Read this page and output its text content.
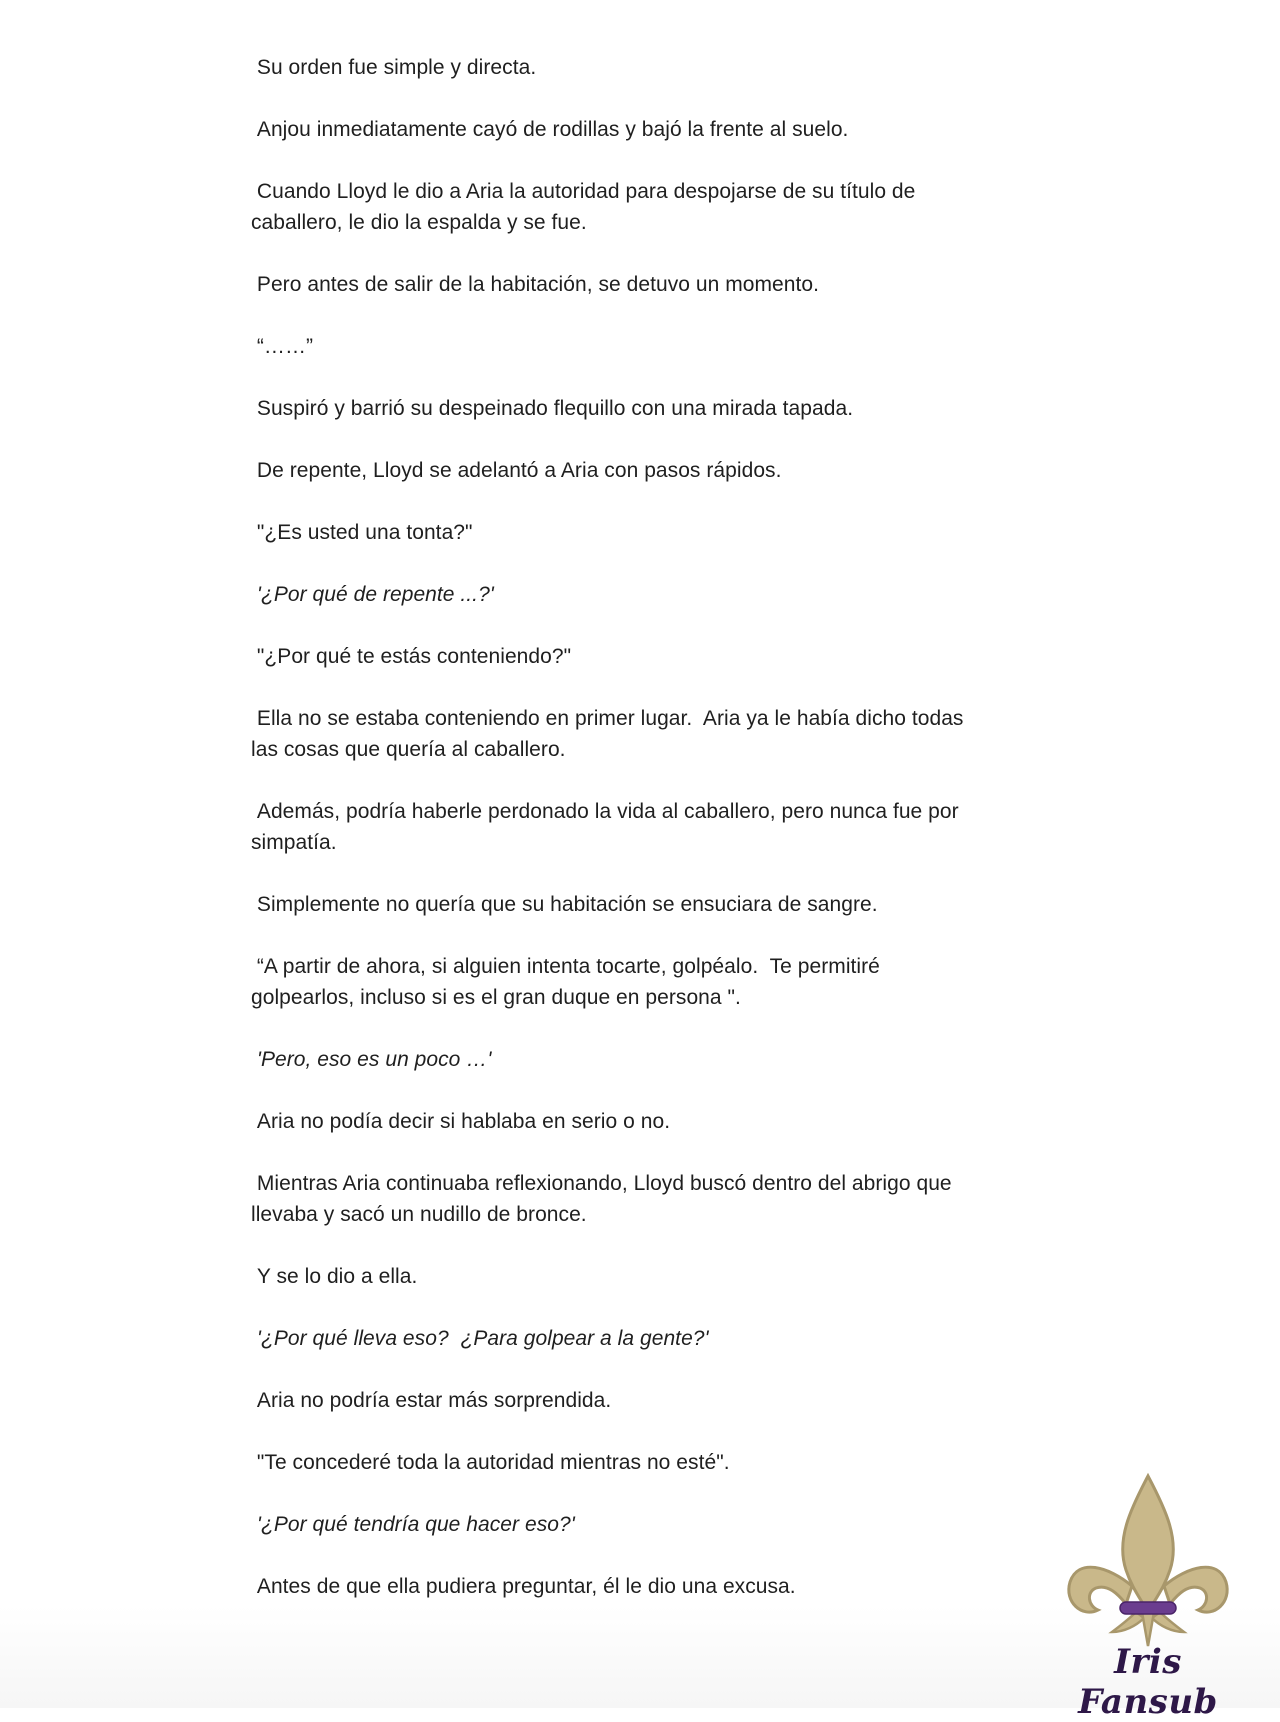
Su orden fue simple y directa.

Anjou inmediatamente cayó de rodillas y bajó la frente al suelo.

Cuando Lloyd le dio a Aria la autoridad para despojarse de su título de
caballero, le dio la espalda y se fue.

Pero antes de salir de la habitación, se detuvo un momento.

“……”

Suspiró y barrió su despeinado flequillo con una mirada tapada.

De repente, Lloyd se adelantó a Aria con pasos rápidos.

"¿Es usted una tonta?"

'¿Por qué de repente ...?'

"¿Por qué te estás conteniendo?"

Ella no se estaba conteniendo en primer lugar.  Aria ya le había dicho todas
las cosas que quería al caballero.

Además, podría haberle perdonado la vida al caballero, pero nunca fue por
simpatía.

Simplemente no quería que su habitación se ensuciara de sangre.

“A partir de ahora, si alguien intenta tocarte, golpéalo.  Te permitiré
golpearlos, incluso si es el gran duque en persona ".

'Pero, eso es un poco …'

Aria no podía decir si hablaba en serio o no.

Mientras Aria continuaba reflexionando, Lloyd buscó dentro del abrigo que
llevaba y sacó un nudillo de bronce.

Y se lo dio a ella.

'¿Por qué lleva eso?  ¿Para golpear a la gente?'

Aria no podría estar más sorprendida.

"Te concederé toda la autoridad mientras no esté".

'¿Por qué tendría que hacer eso?'

Antes de que ella pudiera preguntar, él le dio una excusa.

Iris Fansub
